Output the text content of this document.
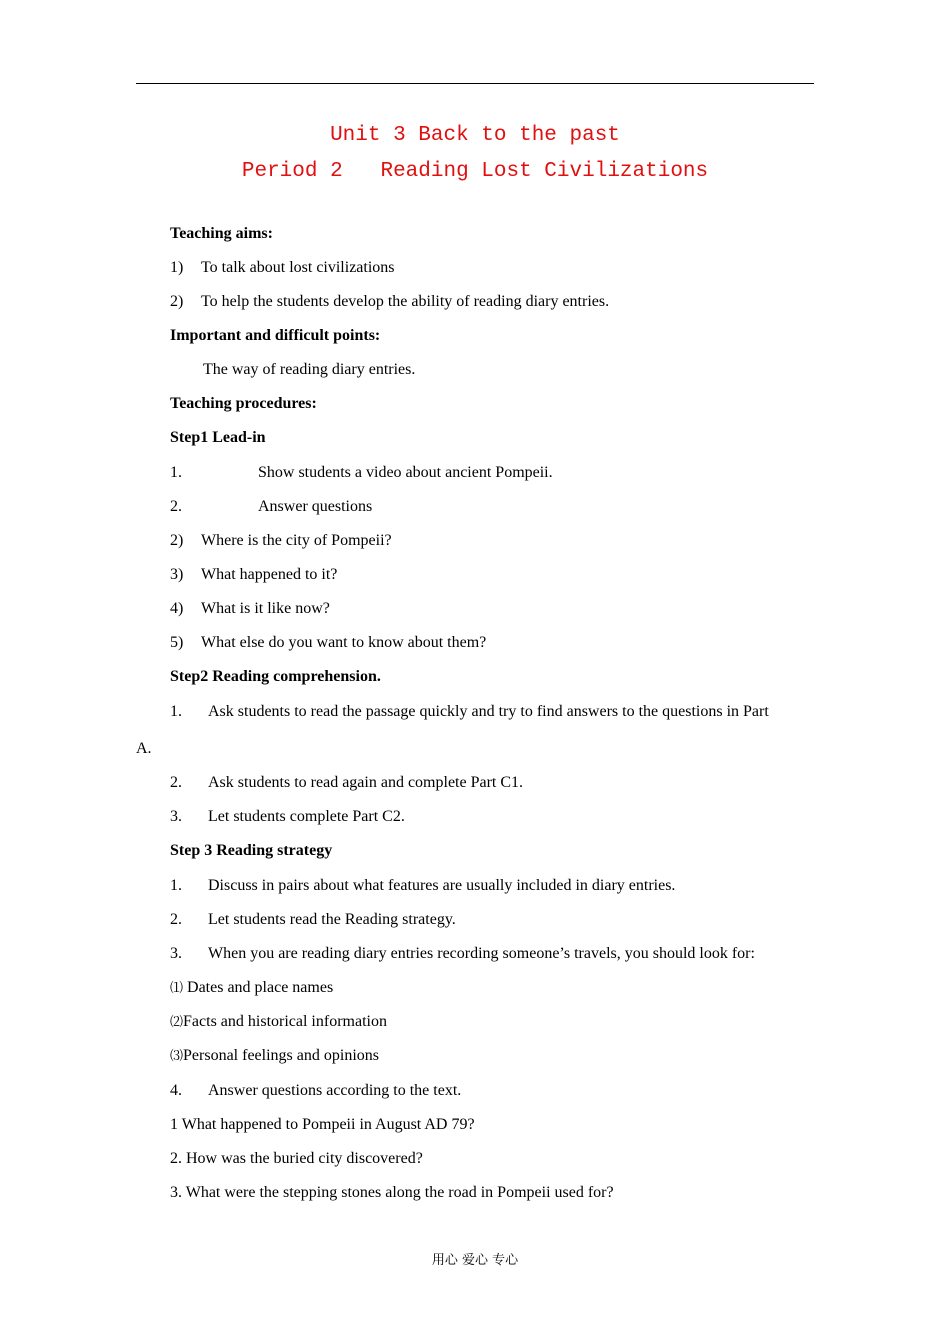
Unit 3 Back to the past
Period 2   Reading Lost Civilizations
Teaching aims:
1) To talk about lost civilizations
2) To help the students develop the ability of reading diary entries.
Important and difficult points:
The way of reading diary entries.
Teaching procedures:
Step1 Lead-in
1.	Show students a video about ancient Pompeii.
2.	Answer questions
2) Where is the city of Pompeii?
3) What happened to it?
4) What is it like now?
5) What else do you want to know about them?
Step2 Reading comprehension.
1. Ask students to read the passage quickly and try to find answers to the questions in Part
A.
2. Ask students to read again and complete Part C1.
3. Let students complete Part C2.
Step 3 Reading strategy
1. Discuss in pairs about what features are usually included in diary entries.
2. Let students read the Reading strategy.
3. When you are reading diary entries recording someone’s travels, you should look for:
⑴ Dates and place names
⑵Facts and historical information
⑶Personal feelings and opinions
4. Answer questions according to the text.
1 What happened to Pompeii in August AD 79?
2. How was the buried city discovered?
3. What were the stepping stones along the road in Pompeii used for?
用心 爱心 专心
